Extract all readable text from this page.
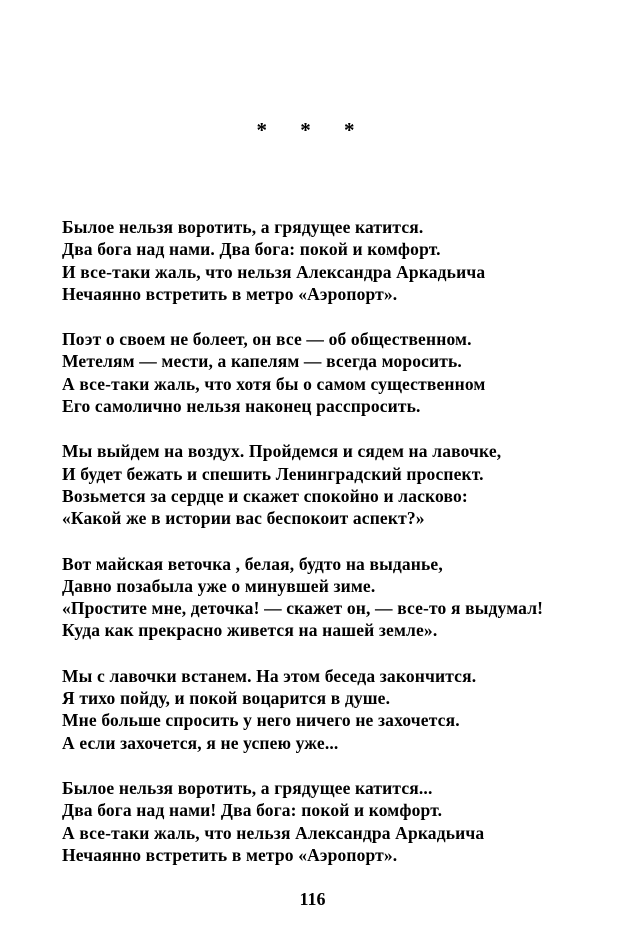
* * *
Былое нельзя воротить, а грядущее катится.
Два бога над нами. Два бога: покой и комфорт.
И все-таки жаль, что нельзя Александра Аркадьича
Нечаянно встретить в метро «Аэропорт».
Поэт о своем не болеет, он все — об общественном.
Метелям — мести, а капелям — всегда моросить.
А все-таки жаль, что хотя бы о самом существенном
Его самолично нельзя наконец расспросить.
Мы выйдем на воздух. Пройдемся и сядем на лавочке,
И будет бежать и спешить Ленинградский проспект.
Возьмется за сердце и скажет спокойно и ласково:
«Какой же в истории вас беспокоит аспект?»
Вот майская веточка , белая, будто на выданье,
Давно позабыла уже о минувшей зиме.
«Простите мне, деточка! — скажет он, — все-то я выдумал!
Куда как прекрасно живется на нашей земле».
Мы с лавочки встанем. На этом беседа закончится.
Я тихо пойду, и покой воцарится в душе.
Мне больше спросить у него ничего не захочется.
А если захочется, я не успею уже...
Былое нельзя воротить, а грядущее катится...
Два бога над нами! Два бога: покой и комфорт.
А все-таки жаль, что нельзя Александра Аркадьича
Нечаянно встретить в метро «Аэропорт».
116
